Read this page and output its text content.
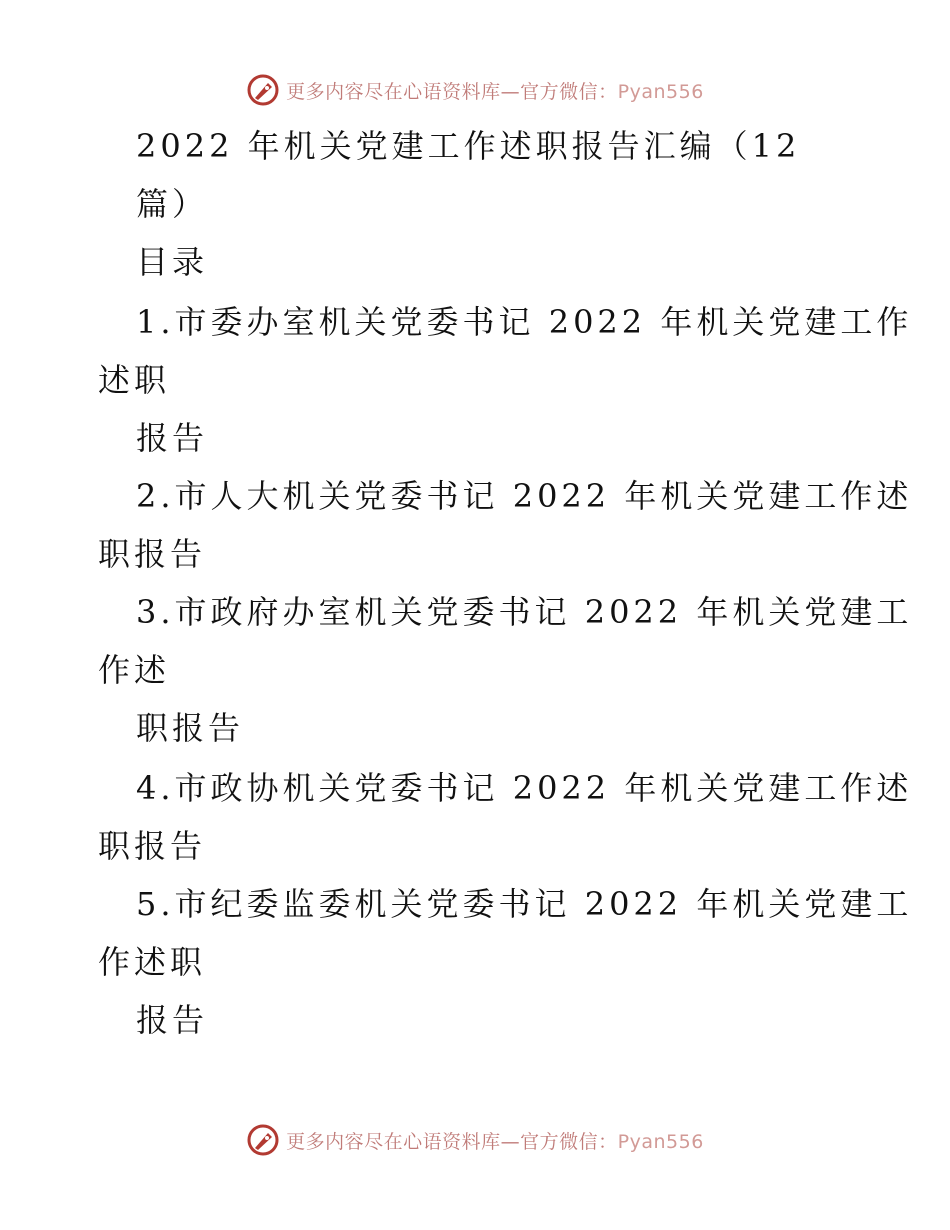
更多内容尽在心语资料库—官方微信：Pyan556
2022 年机关党建工作述职报告汇编（12
篇）
目录
1.市委办室机关党委书记 2022 年机关党建工作
述职
报告
2.市人大机关党委书记 2022 年机关党建工作述
职报告
3.市政府办室机关党委书记 2022 年机关党建工
作述
职报告
4.市政协机关党委书记 2022 年机关党建工作述
职报告
5.市纪委监委机关党委书记 2022 年机关党建工
作述职
报告
更多内容尽在心语资料库—官方微信：Pyan556
